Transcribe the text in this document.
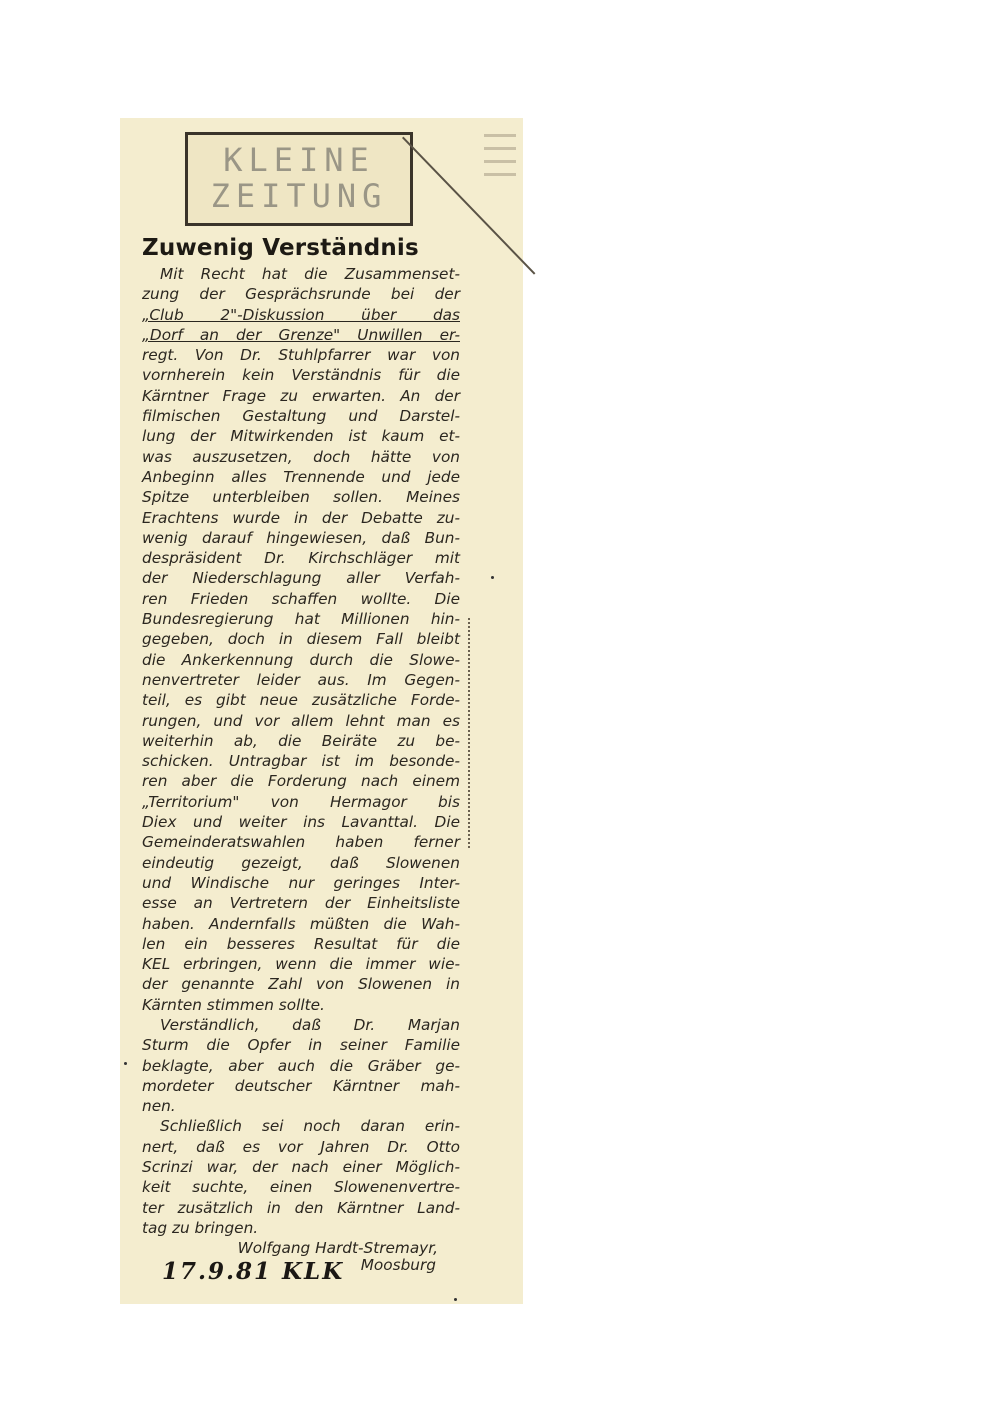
KLEINE
ZEITUNG
Zuwenig Verständnis
Mit Recht hat die Zusammenset-
zung der Gesprächsrunde bei der
„Club 2"-Diskussion über das
„Dorf an der Grenze" Unwillen er-
regt. Von Dr. Stuhlpfarrer war von
vornherein kein Verständnis für die
Kärntner Frage zu erwarten. An der
filmischen Gestaltung und Darstel-
lung der Mitwirkenden ist kaum et-
was auszusetzen, doch hätte von
Anbeginn alles Trennende und jede
Spitze unterbleiben sollen. Meines
Erachtens wurde in der Debatte zu-
wenig darauf hingewiesen, daß Bun-
despräsident Dr. Kirchschläger mit
der Niederschlagung aller Verfah-
ren Frieden schaffen wollte. Die
Bundesregierung hat Millionen hin-
gegeben, doch in diesem Fall bleibt
die Ankerkennung durch die Slowe-
nenvertreter leider aus. Im Gegen-
teil, es gibt neue zusätzliche Forde-
rungen, und vor allem lehnt man es
weiterhin ab, die Beiräte zu be-
schicken. Untragbar ist im besonde-
ren aber die Forderung nach einem
„Territorium" von Hermagor bis
Diex und weiter ins Lavanttal. Die
Gemeinderatswahlen haben ferner
eindeutig gezeigt, daß Slowenen
und Windische nur geringes Inter-
esse an Vertretern der Einheitsliste
haben. Andernfalls müßten die Wah-
len ein besseres Resultat für die
KEL erbringen, wenn die immer wie-
der genannte Zahl von Slowenen in
Kärnten stimmen sollte.
Verständlich, daß Dr. Marjan
Sturm die Opfer in seiner Familie
beklagte, aber auch die Gräber ge-
mordeter deutscher Kärntner mah-
nen.
Schließlich sei noch daran erin-
nert, daß es vor Jahren Dr. Otto
Scrinzi war, der nach einer Möglich-
keit suchte, einen Slowenenvertre-
ter zusätzlich in den Kärntner Land-
tag zu bringen.
Wolfgang Hardt-Stremayr,
Moosburg
17.9.81 KLK
